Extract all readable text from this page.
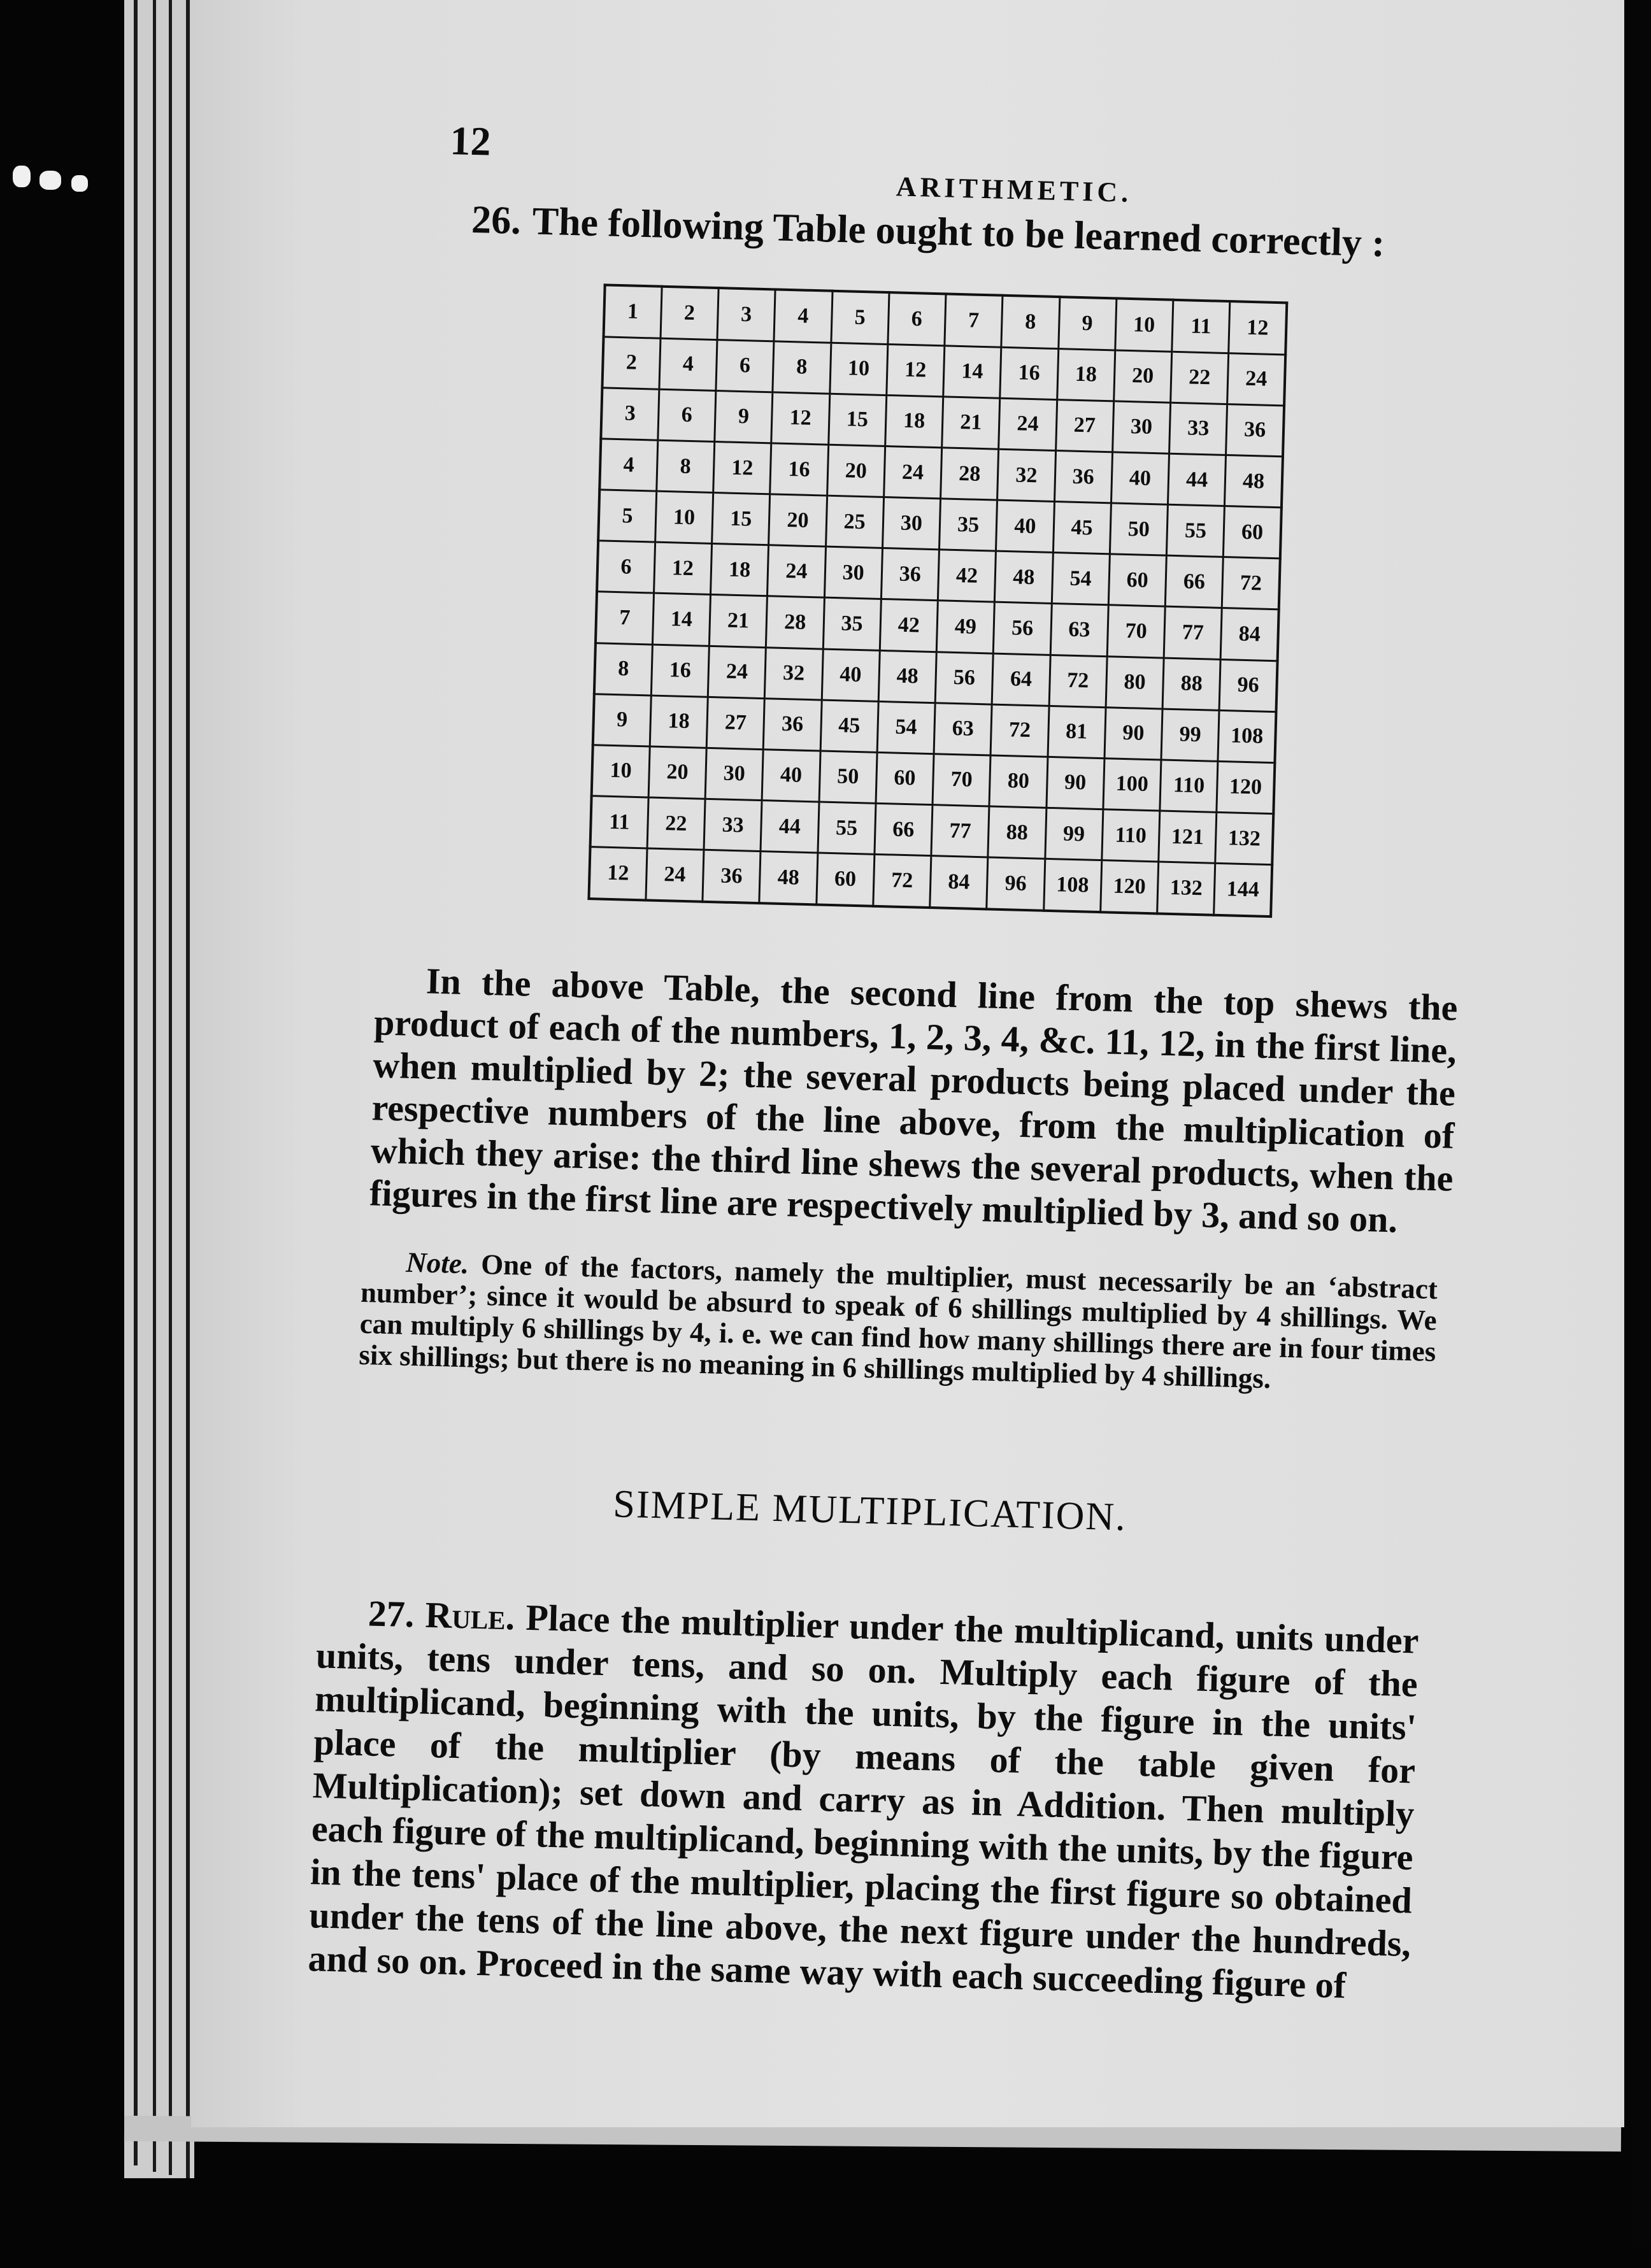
12
ARITHMETIC.
26. The following Table ought to be learned correctly :
1	2	3	4	5	6	7	8	9	10	11	12
2	4	6	8	10	12	14	16	18	20	22	24
3	6	9	12	15	18	21	24	27	30	33	36
4	8	12	16	20	24	28	32	36	40	44	48
5	10	15	20	25	30	35	40	45	50	55	60
6	12	18	24	30	36	42	48	54	60	66	72
7	14	21	28	35	42	49	56	63	70	77	84
8	16	24	32	40	48	56	64	72	80	88	96
9	18	27	36	45	54	63	72	81	90	99	108
10	20	30	40	50	60	70	80	90	100	110	120
11	22	33	44	55	66	77	88	99	110	121	132
12	24	36	48	60	72	84	96	108	120	132	144

In the above Table, the second line from the top shews the product of each of the numbers, 1, 2, 3, 4, &c. 11, 12, in the first line, when multiplied by 2; the several products being placed under the respective numbers of the line above, from the multiplication of which they arise: the third line shews the several products, when the figures in the first line are respectively multiplied by 3, and so on.

Note. One of the factors, namely the multiplier, must necessarily be an ‘abstract number’; since it would be absurd to speak of 6 shillings multiplied by 4 shillings. We can multiply 6 shillings by 4, i. e. we can find how many shillings there are in four times six shillings; but there is no meaning in 6 shillings multiplied by 4 shillings.

SIMPLE MULTIPLICATION.

27. Rule. Place the multiplier under the multiplicand, units under units, tens under tens, and so on. Multiply each figure of the multiplicand, beginning with the units, by the figure in the units' place of the multiplier (by means of the table given for Multiplication); set down and carry as in Addition. Then multiply each figure of the multiplicand, beginning with the units, by the figure in the tens' place of the multiplier, placing the first figure so obtained under the tens of the line above, the next figure under the hundreds, and so on. Proceed in the same way with each succeeding figure of
